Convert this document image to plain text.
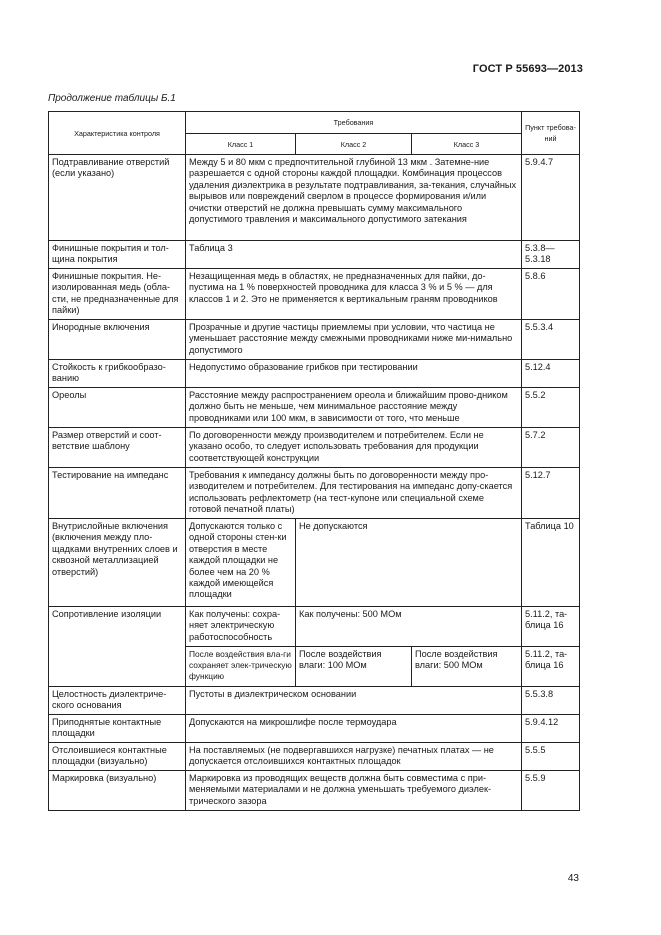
ГОСТ Р 55693—2013
Продолжение таблицы Б.1
Характеристика контроля	Требования			Пункт требова-ний
	Класс 1	Класс 2	Класс 3	
Подтравливание отверстий (если указано)	Между 5 и 80 мкм с предпочтительной глубиной 13 мкм . Затемне-ние разрешается с одной стороны каждой площадки. Комбинация процессов удаления диэлектрика в результате подтравливания, за-текания, случайных вырывов или повреждений сверлом в процессе формирования и/или очистки отверстий не должна превышать сумму максимального допустимого травления и максимального допустимого затекания			5.9.4.7
Финишные покрытия и тол-щина покрытия	Таблица 3			5.3.8— 5.3.18
Финишные покрытия. Не-изолированная медь (обла-сти, не предназначенные для пайки)	Незащищенная медь в областях, не предназначенных для пайки, до-пустима на 1 % поверхностей проводника для класса 3 % и 5 % — для классов 1 и 2. Это не применяется к вертикальным граням проводников			5.8.6
Инородные включения	Прозрачные и другие частицы приемлемы при условии, что частица не уменьшает расстояние между смежными проводниками ниже ми-нимально допустимого			5.5.3.4
Стойкость к грибкообразо-ванию	Недопустимо образование грибков при тестировании			5.12.4
Ореолы	Расстояние между распространением ореола и ближайшим прово-дником должно быть не меньше, чем минимальное расстояние между проводниками или 100 мкм, в зависимости от того, что меньше			5.5.2
Размер отверстий и соот-ветствие шаблону	По договоренности между производителем и потребителем. Если не указано особо, то следует использовать требования для продукции соответствующей конструкции			5.7.2
Тестирование на импеданс	Требования к импедансу должны быть по договоренности между про-изводителем и потребителем. Для тестирования на импеданс допу-скается использовать рефлектометр (на тест-купоне или специальной схеме готовой печатной платы)			5.12.7
Внутрислойные включения (включения между пло-щадками внутренних слоев и сквозной металлизацией отверстий)	Допускаются только с одной стороны стен-ки отверстия в месте каждой площадки не более чем на 20 % каждой имеющейся площадки	Не допускаются		Таблица 10
Сопротивление изоляции	Как получены: сохра-няет электрическую работоспособность	Как получены: 500 МОм		5.11.2, та-блица 16
	После воздействия вла-ги сохраняет элек-трическую функцию	После воздействия влаги: 100 МОм	После воздействия влаги: 500 МОм	5.11.2, та-блица 16
Целостность диэлектриче-ского основания	Пустоты в диэлектрическом основании			5.5.3.8
Приподнятые контактные площадки	Допускаются на микрошлифе после термоудара			5.9.4.12
Отслоившиеся контактные площадки (визуально)	На поставляемых (не подвергавшихся нагрузке) печатных платах — не допускается отслоившихся контактных площадок			5.5.5
Маркировка (визуально)	Маркировка из проводящих веществ должна быть совместима с при-меняемыми материалами и не должна уменьшать требуемого диэлек-трического зазора			5.5.9
43
